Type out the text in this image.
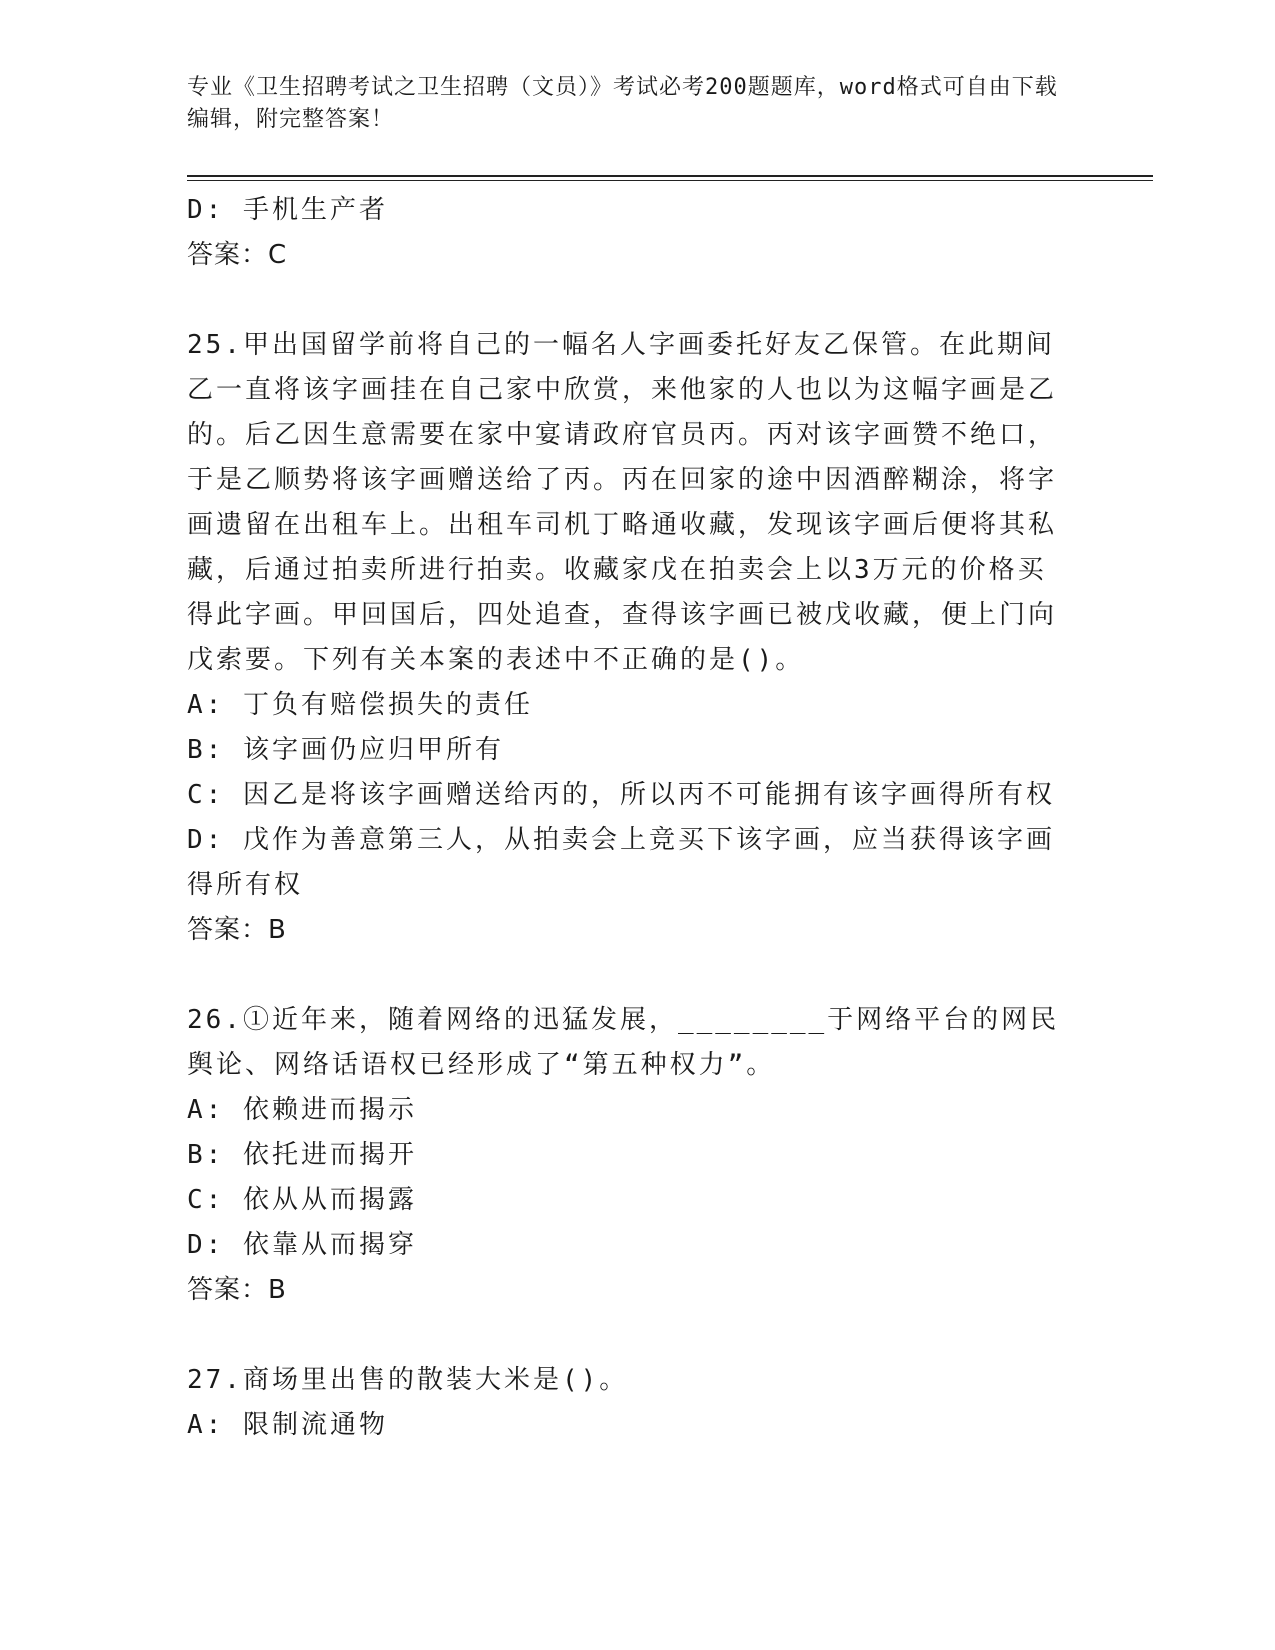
专业《卫生招聘考试之卫生招聘（文员）》考试必考200题题库，word格式可自由下载编辑，附完整答案！
D: 手机生产者
答案：C
25.甲出国留学前将自己的一幅名人字画委托好友乙保管。在此期间乙一直将该字画挂在自己家中欣赏，来他家的人也以为这幅字画是乙的。后乙因生意需要在家中宴请政府官员丙。丙对该字画赞不绝口，于是乙顺势将该字画赠送给了丙。丙在回家的途中因酒醉糊涂，将字画遗留在出租车上。出租车司机丁略通收藏，发现该字画后便将其私藏，后通过拍卖所进行拍卖。收藏家戊在拍卖会上以3万元的价格买得此字画。甲回国后，四处追查，查得该字画已被戊收藏，便上门向戊索要。下列有关本案的表述中不正确的是()。
A: 丁负有赔偿损失的责任
B: 该字画仍应归甲所有
C: 因乙是将该字画赠送给丙的，所以丙不可能拥有该字画得所有权
D: 戊作为善意第三人，从拍卖会上竞买下该字画，应当获得该字画得所有权
答案：B
26.①近年来，随着网络的迅猛发展，________于网络平台的网民舆论、网络话语权已经形成了“第五种权力”。
A: 依赖进而揭示
B: 依托进而揭开
C: 依从从而揭露
D: 依靠从而揭穿
答案：B
27.商场里出售的散装大米是()。
A: 限制流通物
